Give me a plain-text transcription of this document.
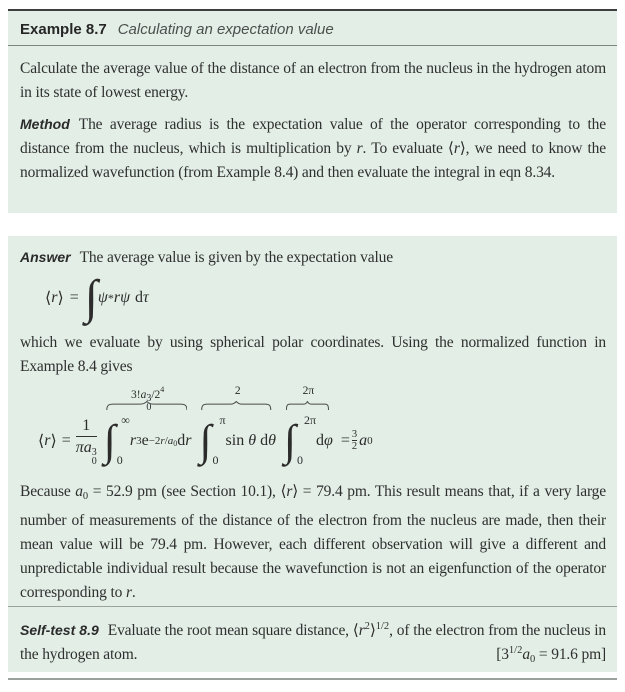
Example 8.7 Calculating an expectation value
Calculate the average value of the distance of an electron from the nucleus in the hydrogen atom in its state of lowest energy.
Method The average radius is the expectation value of the operator corresponding to the distance from the nucleus, which is multiplication by r. To evaluate ⟨r⟩, we need to know the normalized wavefunction (from Example 8.4) and then evaluate the integral in eqn 8.34.
Answer The average value is given by the expectation value
⟨ r ⟩ = ∫ ψ * r ψ d τ
which we evaluate by using spherical polar coordinates. Using the normalized function in Example 8.4 gives
⟨ r ⟩ = 1
πa 3
0
3!a 3
0
$/2^4$
∫ ∞
0
r 3 e −2r/a0 d r
2
∫ π
0
sin θ d θ
2π
∫ 2π
0
d $\varphi = \frac{3}{2}$ a 0
Because a0 = 52.9 pm (see Section 10.1), ⟨r⟩ = 79.4 pm. This result means that, if a very large number of measurements of the distance of the electron from the nucleus are made, then their mean value will be 79.4 pm. However, each different observation will give a different and unpredictable individual result because the wavefunction is not an eigenfunction of the operator corresponding to r.
Self-test 8.9 Evaluate the root mean square distance, $⟨r^2⟩^{1/2}$, of the electron from the nucleus in the hydrogen atom.	[$3^{1/2}a0 = 91.6$ pm]
